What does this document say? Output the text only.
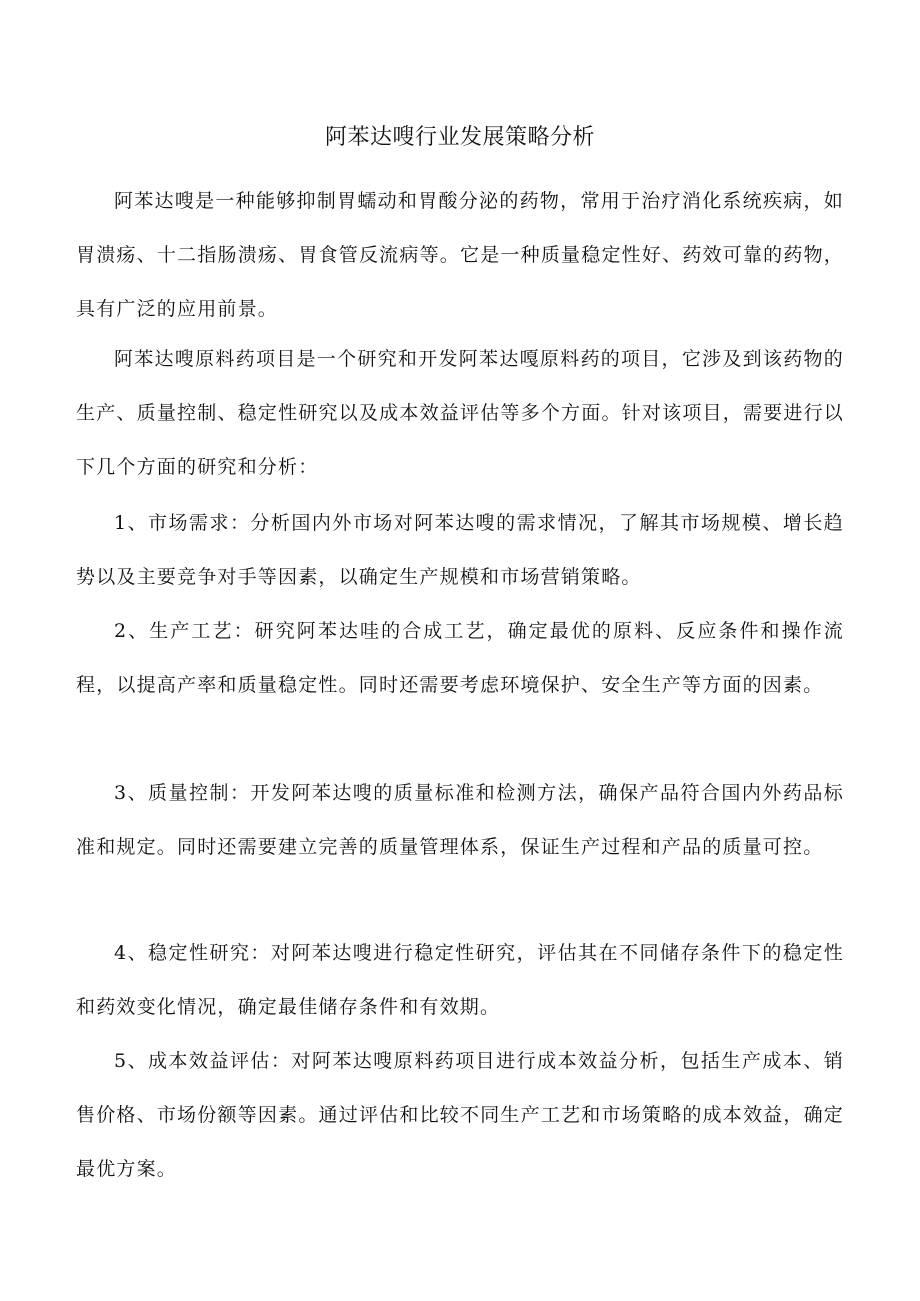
阿苯达嗖行业发展策略分析

阿苯达嗖是一种能够抑制胃蠕动和胃酸分泌的药物，常用于治疗消化系统疾病，如胃溃疡、十二指肠溃疡、胃食管反流病等。它是一种质量稳定性好、药效可靠的药物，具有广泛的应用前景。

阿苯达嗖原料药项目是一个研究和开发阿苯达嘎原料药的项目，它涉及到该药物的生产、质量控制、稳定性研究以及成本效益评估等多个方面。针对该项目，需要进行以下几个方面的研究和分析：

1、市场需求：分析国内外市场对阿苯达嗖的需求情况，了解其市场规模、增长趋势以及主要竞争对手等因素，以确定生产规模和市场营销策略。

2、生产工艺：研究阿苯达哇的合成工艺，确定最优的原料、反应条件和操作流程，以提高产率和质量稳定性。同时还需要考虑环境保护、安全生产等方面的因素。

3、质量控制：开发阿苯达嗖的质量标准和检测方法，确保产品符合国内外药品标准和规定。同时还需要建立完善的质量管理体系，保证生产过程和产品的质量可控。

4、稳定性研究：对阿苯达嗖进行稳定性研究，评估其在不同储存条件下的稳定性和药效变化情况，确定最佳储存条件和有效期。

5、成本效益评估：对阿苯达嗖原料药项目进行成本效益分析，包括生产成本、销售价格、市场份额等因素。通过评估和比较不同生产工艺和市场策略的成本效益，确定最优方案。
